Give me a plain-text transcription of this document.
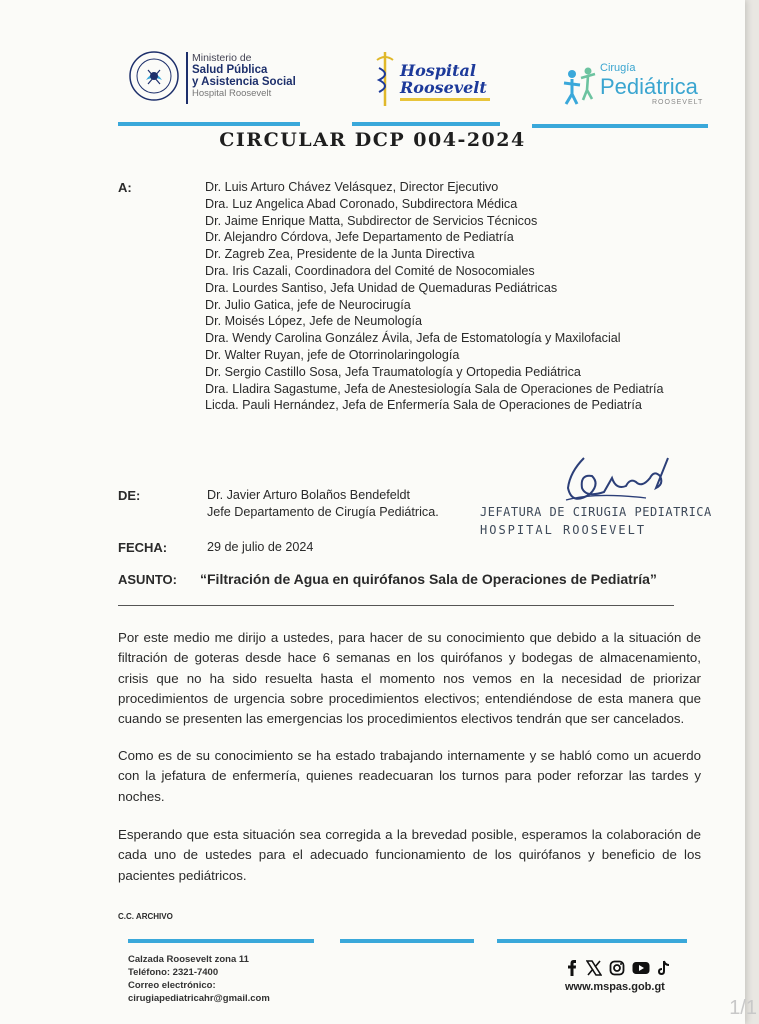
Ministerio de
Salud Pública
y Asistencia Social
Hospital Roosevelt
Hospital
Roosevelt
Cirugía
Pediátrica
ROOSEVELT
CIRCULAR DCP 004-2024
A:	Dr. Luis Arturo Chávez Velásquez, Director Ejecutivo
Dra. Luz Angelica Abad Coronado, Subdirectora Médica
Dr. Jaime Enrique Matta, Subdirector de Servicios Técnicos
Dr. Alejandro Córdova, Jefe Departamento de Pediatría
Dr. Zagreb Zea, Presidente de la Junta Directiva
Dra. Iris Cazali, Coordinadora del Comité de Nosocomiales
Dra. Lourdes Santiso, Jefa Unidad de Quemaduras Pediátricas
Dr. Julio Gatica, jefe de Neurocirugía
Dr. Moisés López, Jefe de Neumología
Dra. Wendy Carolina González Ávila, Jefa de Estomatología y Maxilofacial
Dr. Walter Ruyan, jefe de Otorrinolaringología
Dr. Sergio Castillo Sosa, Jefa Traumatología y Ortopedia Pediátrica
Dra. Lladira Sagastume, Jefa de Anestesiología Sala de Operaciones de Pediatría
Licda. Pauli Hernández, Jefa de Enfermería Sala de Operaciones de Pediatría
DE:	Dr. Javier Arturo Bolaños Bendefeldt
Jefe Departamento de Cirugía Pediátrica.	JEFATURA DE CIRUGIA PEDIATRICA
HOSPITAL ROOSEVELT
FECHA:	29 de julio de 2024
ASUNTO: “Filtración de Agua en quirófanos Sala de Operaciones de Pediatría”
Por este medio me dirijo a ustedes, para hacer de su conocimiento que debido a la situación de filtración de goteras desde hace 6 semanas en los quirófanos y bodegas de almacenamiento, crisis que no ha sido resuelta hasta el momento nos vemos en la necesidad de priorizar procedimientos de urgencia sobre procedimientos electivos; entendiéndose de esta manera que cuando se presenten las emergencias los procedimientos electivos tendrán que ser cancelados.
Como es de su conocimiento se ha estado trabajando internamente y se habló como un acuerdo con la jefatura de enfermería, quienes readecuaran los turnos para poder reforzar las tardes y noches.
Esperando que esta situación sea corregida a la brevedad posible, esperamos la colaboración de cada uno de ustedes para el adecuado funcionamiento de los quirófanos y beneficio de los pacientes pediátricos.
C.C. ARCHIVO
Calzada Roosevelt zona 11
Teléfono: 2321-7400
Correo electrónico:
cirugiapediatricahr@gmail.com
www.mspas.gob.gt
1/1
